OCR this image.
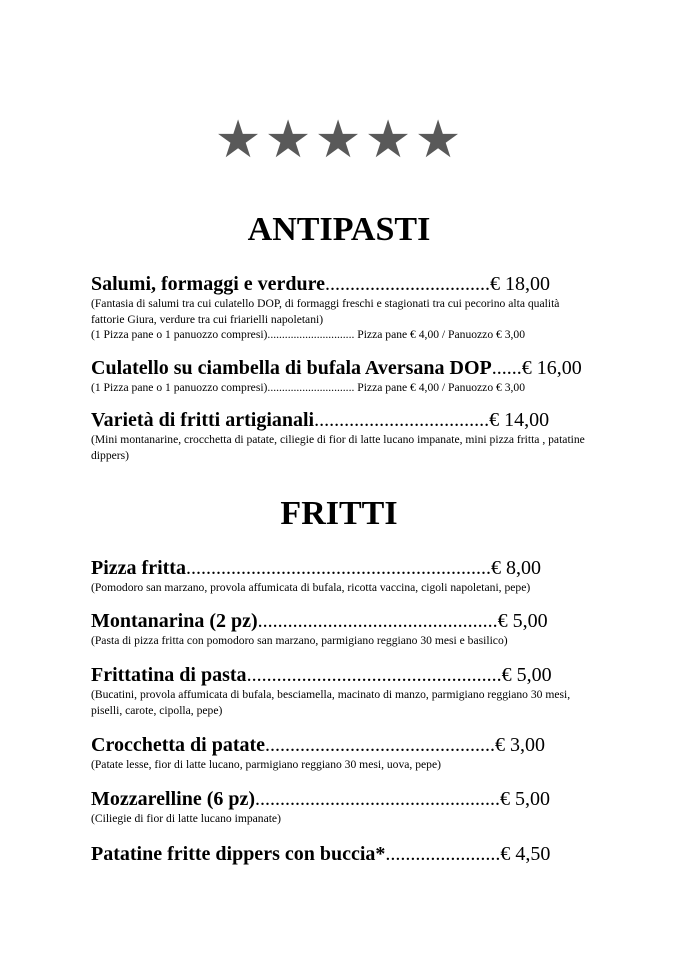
★★★★★
ANTIPASTI
Salumi, formaggi e verdure.................................€ 18,00
(Fantasia di salumi tra cui culatello DOP, di formaggi freschi e stagionati tra cui pecorino alta qualità fattorie Giura, verdure tra cui friarielli napoletani)
(1 Pizza pane o 1 panuozzo compresi).............................. Pizza pane € 4,00 / Panuozzo € 3,00
Culatello su ciambella di bufala Aversana DOP......€ 16,00
(1 Pizza pane o 1 panuozzo compresi).............................. Pizza pane € 4,00 / Panuozzo € 3,00
Varietà di fritti artigianali...................................€ 14,00
(Mini montanarine, crocchetta di patate, ciliegie di fior di latte lucano impanate, mini pizza fritta , patatine dippers)
FRITTI
Pizza fritta.............................................................€ 8,00
(Pomodoro san marzano, provola affumicata di bufala, ricotta vaccina, cigoli napoletani, pepe)
Montanarina (2 pz)................................................€ 5,00
(Pasta di pizza fritta con pomodoro san marzano, parmigiano reggiano 30 mesi e basilico)
Frittatina di pasta...................................................€ 5,00
(Bucatini, provola affumicata di bufala, besciamella, macinato di manzo, parmigiano reggiano 30 mesi, piselli, carote, cipolla, pepe)
Crocchetta di patate..............................................€ 3,00
(Patate lesse, fior di latte lucano, parmigiano reggiano 30 mesi, uova, pepe)
Mozzarelline (6 pz).................................................€ 5,00
(Ciliegie di fior di latte lucano impanate)
Patatine fritte dippers con buccia*.......................€ 4,50
